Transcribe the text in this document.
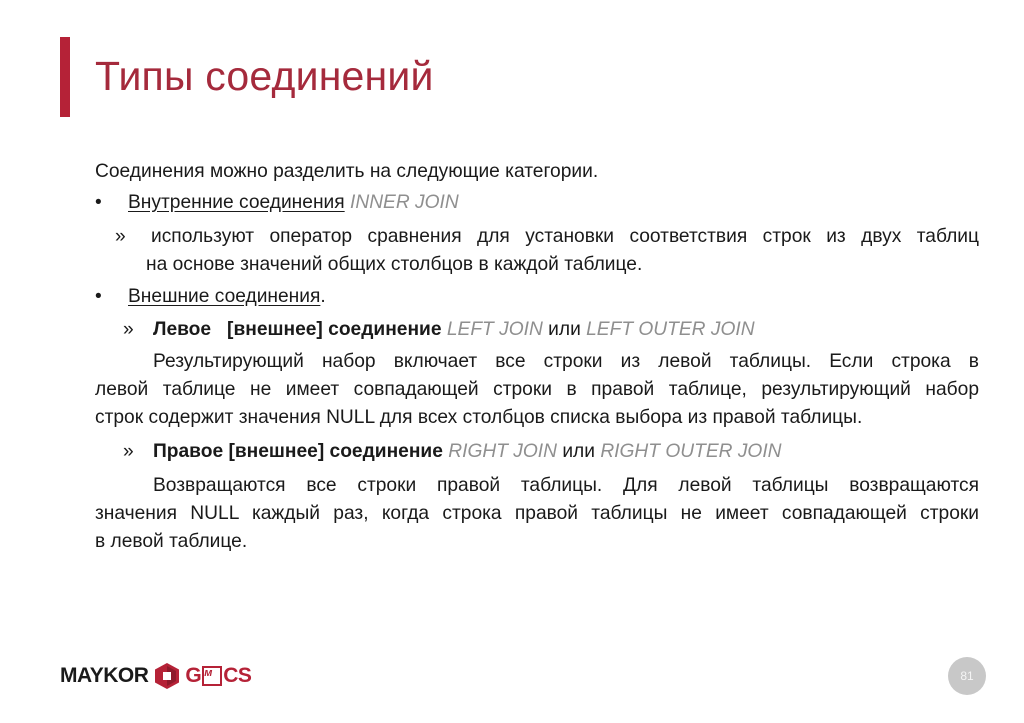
Типы соединений
Соединения можно разделить на следующие категории.
• Внутренние соединения INNER JOIN
» используют оператор сравнения для установки соответствия строк из двух таблиц
на основе значений общих столбцов в каждой таблице.
• Внешние соединения.
» Левое   [внешнее] соединение LEFT JOIN или LEFT OUTER JOIN
Результирующий набор включает все строки из левой таблицы. Если строка в
левой таблице не имеет совпадающей строки в правой таблице, результирующий набор
строк содержит значения NULL для всех столбцов списка выбора из правой таблицы.
» Правое [внешнее] соединение RIGHT JOIN или RIGHT OUTER JOIN
Возвращаются все строки правой таблицы. Для левой таблицы возвращаются
значения NULL каждый раз, когда строка правой таблицы не имеет совпадающей строки
в левой таблице.
MAYKOR G м CS	81
